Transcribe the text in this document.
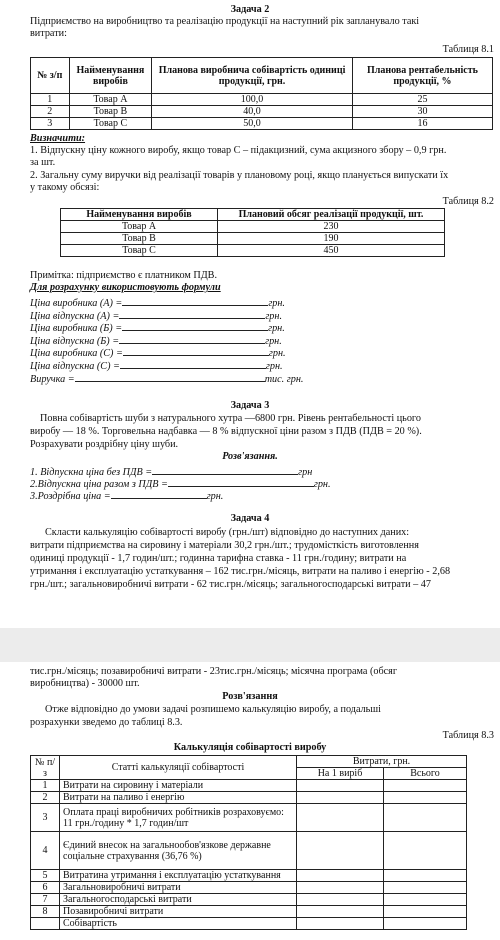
Задача 2
Підприємство на виробництво та реалізацію продукції на наступний рік запланувало такі
витрати:
Таблиця 8.1
№ з/п	Найменування виробів	Планова виробнича собівартість одиниці продукції, грн.	Планова рентабельність продукції, %
1	Товар А	100,0	25
2	Товар В	40,0	30
3	Товар С	50,0	16
Визначити:
1. Відпускну ціну кожного виробу, якщо товар С – підакцизний, сума акцизного збору – 0,9 грн.
за шт.
2. Загальну суму виручки від реалізації товарів у плановому році, якщо планується випускати їх
у такому обсязі:
Таблиця 8.2
Найменування виробів	Плановий обсяг реалізації продукції, шт.
Товар А	230
Товар В	190
Товар С	450
Примітка: підприємство є платником ПДВ.
Для розрахунку використовують формули
Ціна виробника (А) =	грн.
Ціна відпускна (А) =	грн.
Ціна виробника (Б) =	грн.
Ціна відпускна (Б) =	грн.
Ціна виробника (С) =	грн.
Ціна відпускна (С) =	грн.
Виручка =	тис. грн.
Задача 3
Повна собівартість шуби з натурального хутра —6800 грн. Рівень рентабельності цього
виробу — 18 %. Торговельна надбавка — 8 % відпускної ціни разом з ПДВ (ПДВ = 20 %).
Розрахувати роздрібну ціну шуби.
Розв'язання.
1. Відпускна ціна без ПДВ =	грн
2.Відпускна ціна разом з ПДВ =	грн.
3.Роздрібна ціна =	грн.
Задача 4
Скласти калькуляцію собівартості виробу (грн./шт) відповідно до наступних даних:
витрати підприємства на сировину і матеріали 30,2 грн./шт.; трудомісткість виготовлення
одиниці продукції - 1,7 годин/шт.; годинна тарифна ставка - 11 грн./годину; витрати на
утримання і експлуатацію устаткування – 162 тис.грн./місяць, витрати на паливо і енергію - 2,68
грн./шт.; загальновиробничі витрати - 62 тис.грн./місяць; загальногосподарські витрати – 47
тис.грн./місяць; позавиробничі витрати - 23тис.грн./місяць; місячна програма (обсяг
виробництва) - 30000 шт.
Розв'язання
Отже відповідно до умови задачі розпишемо калькуляцію виробу, а подальші
розрахунки зведемо до таблиці 8.3.
Таблиця 8.3
Калькуляція собівартості виробу
№ п/з	Статті калькуляції собівартості	Витрати, грн.	
		На 1 виріб	Всього
1	Витрати на сировину і матеріали		
2	Витрати на паливо і енергію		
3	Оплата праці виробничих робітників розраховуємо: 11 грн./годину * 1,7 годин/шт		
4	Єдиний внесок на загальнообов'язкове державне соціальне страхування (36,76 %)		
5	Витратина утримання і експлуатацію устаткування		
6	Загальновиробничі витрати		
7	Загальногосподарські витрати		
8	Позавиробничі витрати		
	Собівартість		
